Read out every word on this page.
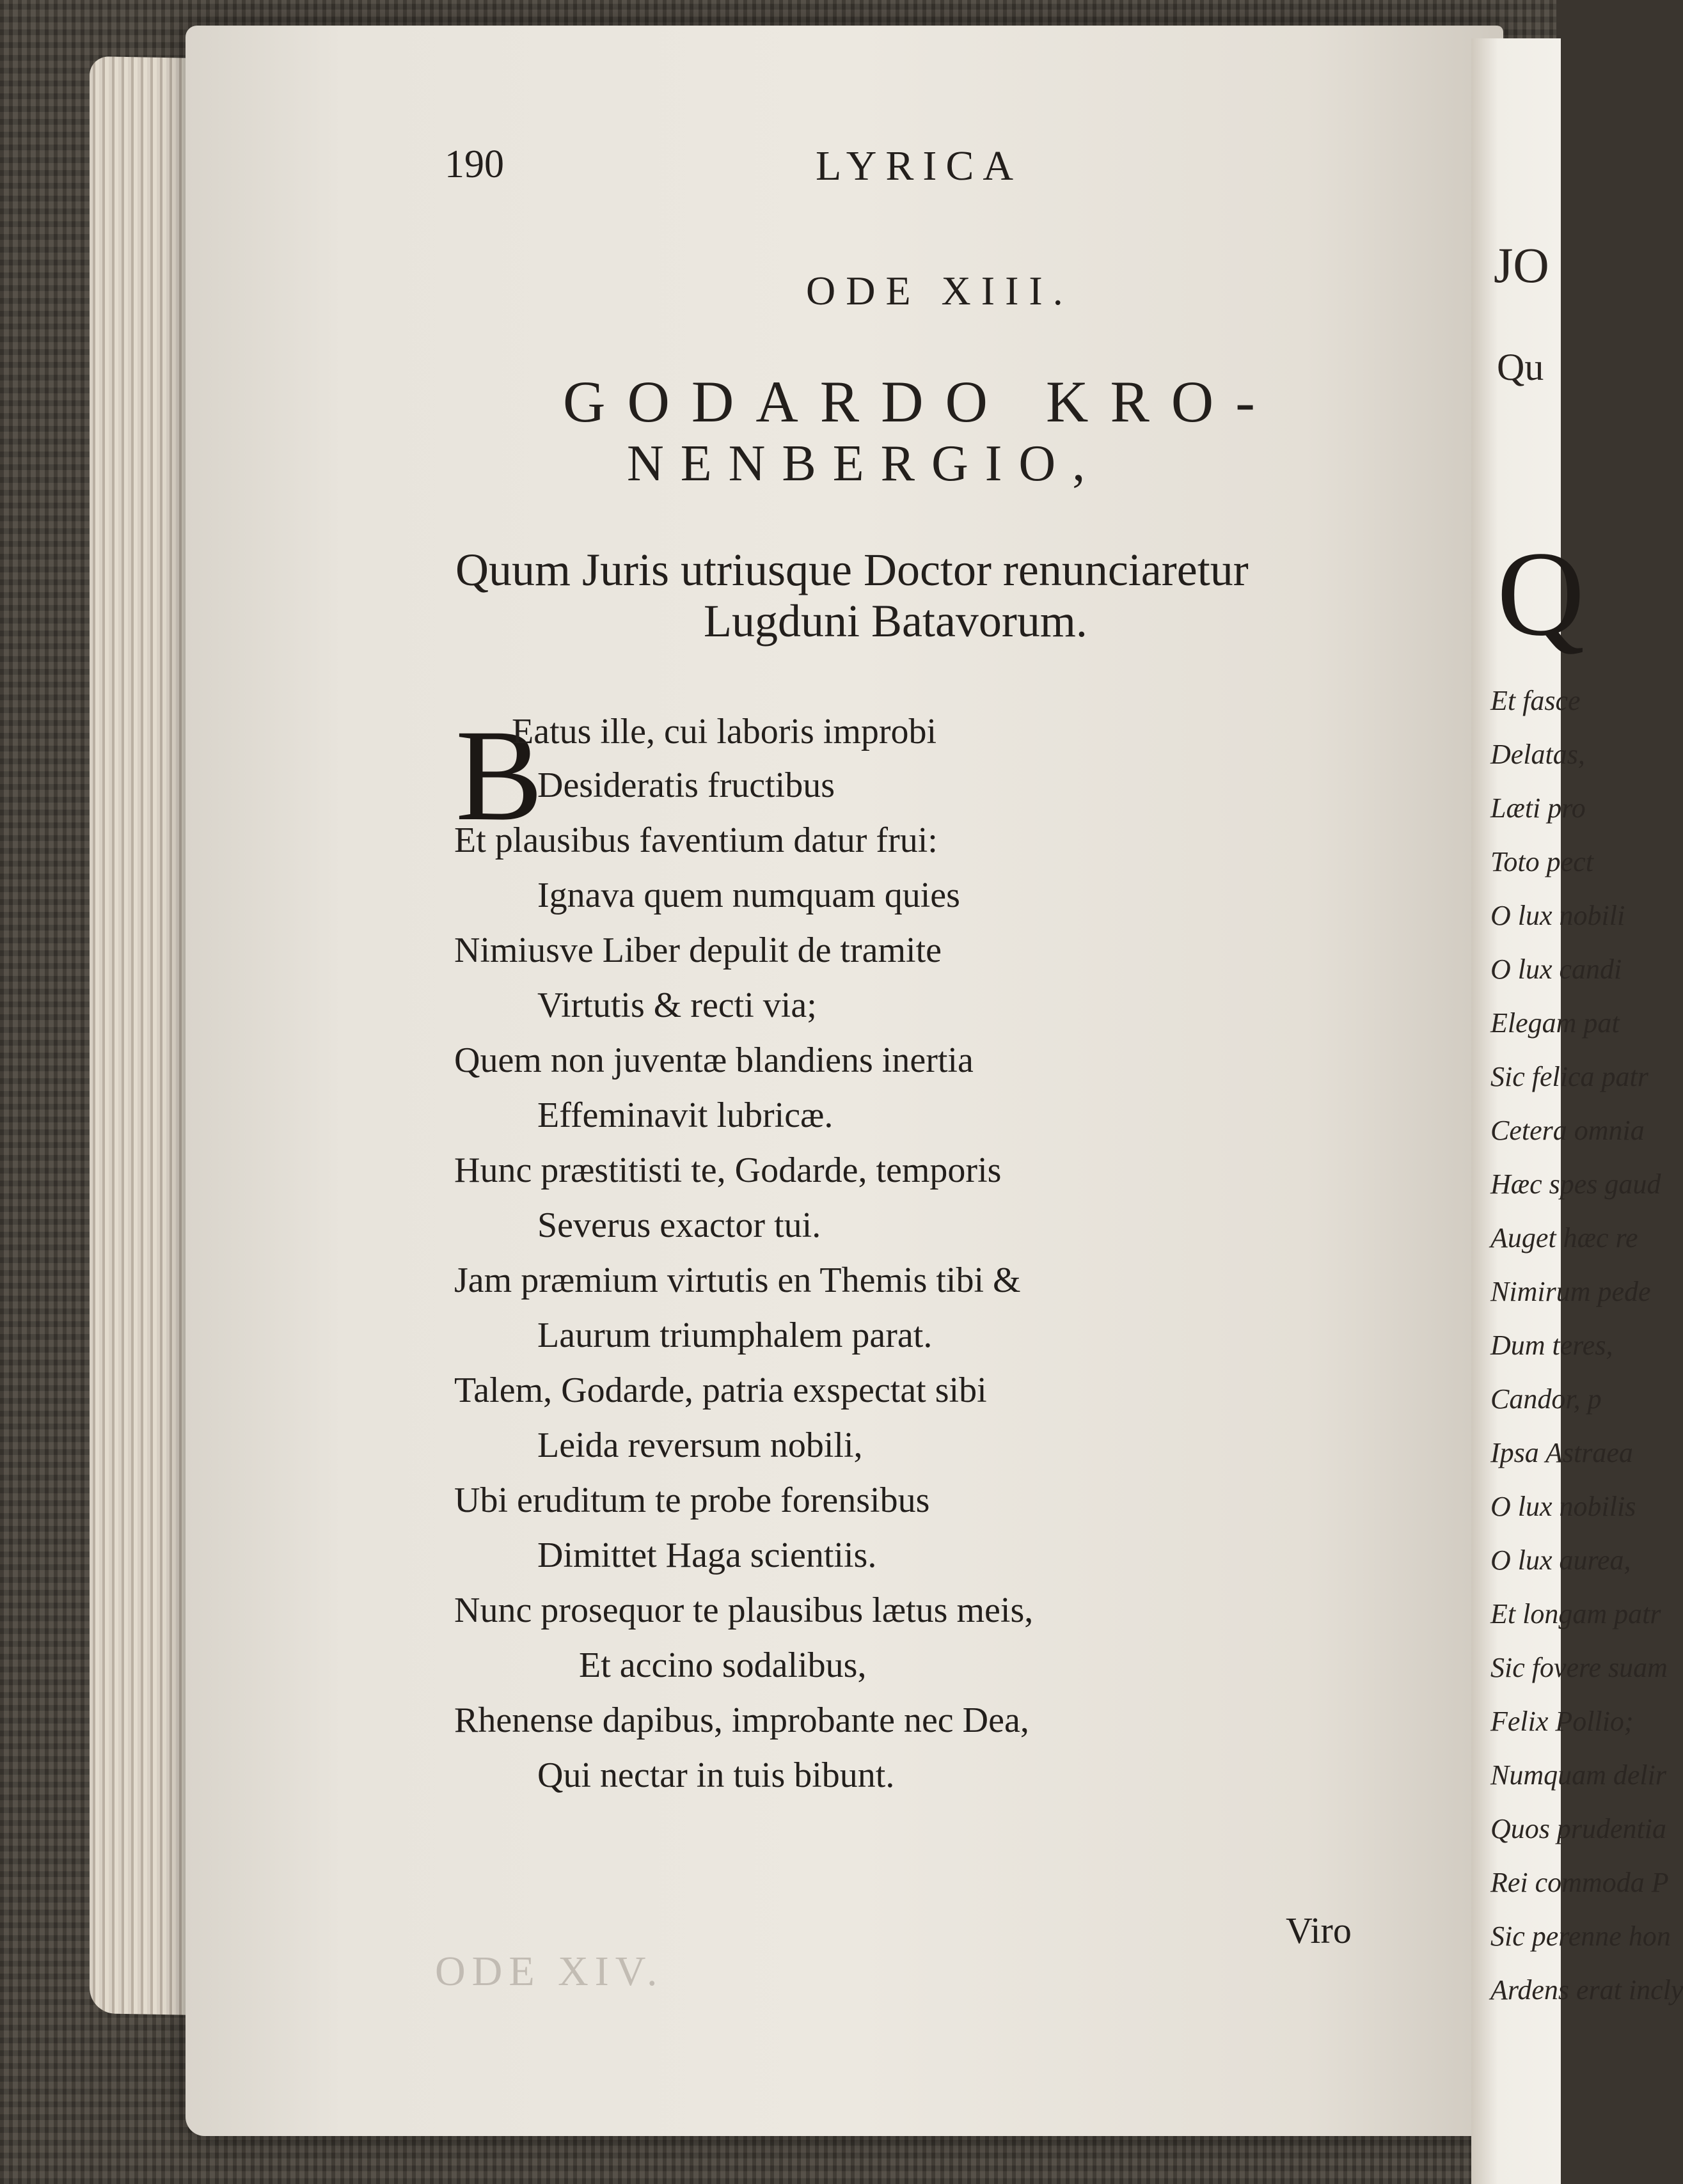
190	LYRICA
ODE XIII.
GODARDO KRO-
NENBERGIO,
Quum Juris utriusque Doctor renunciaretur
Lugduni Batavorum.
B
Eatus ille, cui laboris improbi
Desideratis fructibus
Et plausibus faventium datur frui:
Ignava quem numquam quies
Nimiusve Liber depulit de tramite
Virtutis & recti via;
Quem non juventæ blandiens inertia
Effeminavit lubricæ.
Hunc præstitisti te, Godarde, temporis
Severus exactor tui.
Jam præmium virtutis en Themis tibi &
Laurum triumphalem parat.
Talem, Godarde, patria exspectat sibi
Leida reversum nobili,
Ubi eruditum te probe forensibus
Dimittet Haga scientiis.
Nunc prosequor te plausibus lætus meis,
Et accino sodalibus,
Rhenense dapibus, improbante nec Dea,
Qui nectar in tuis bibunt.
Viro
ODE XIV.
JO
Qu
Q
Et fasce
Delatas,
Læti pro
Toto pect
O lux nobili
O lux candi
Elegam pat
Sic felica patr
Cetera omnia
Hæc spes gaud
Auget hæc re
Nimirum pede
Dum teres,
Candor, p
Ipsa Astraea
O lux nobilis
O lux aurea,
Et longam patr
Sic fovere suam
Felix Pollio;
Numquam delir
Quos prudentia
Rei commoda P
Sic perenne hon
Ardens erat incly
